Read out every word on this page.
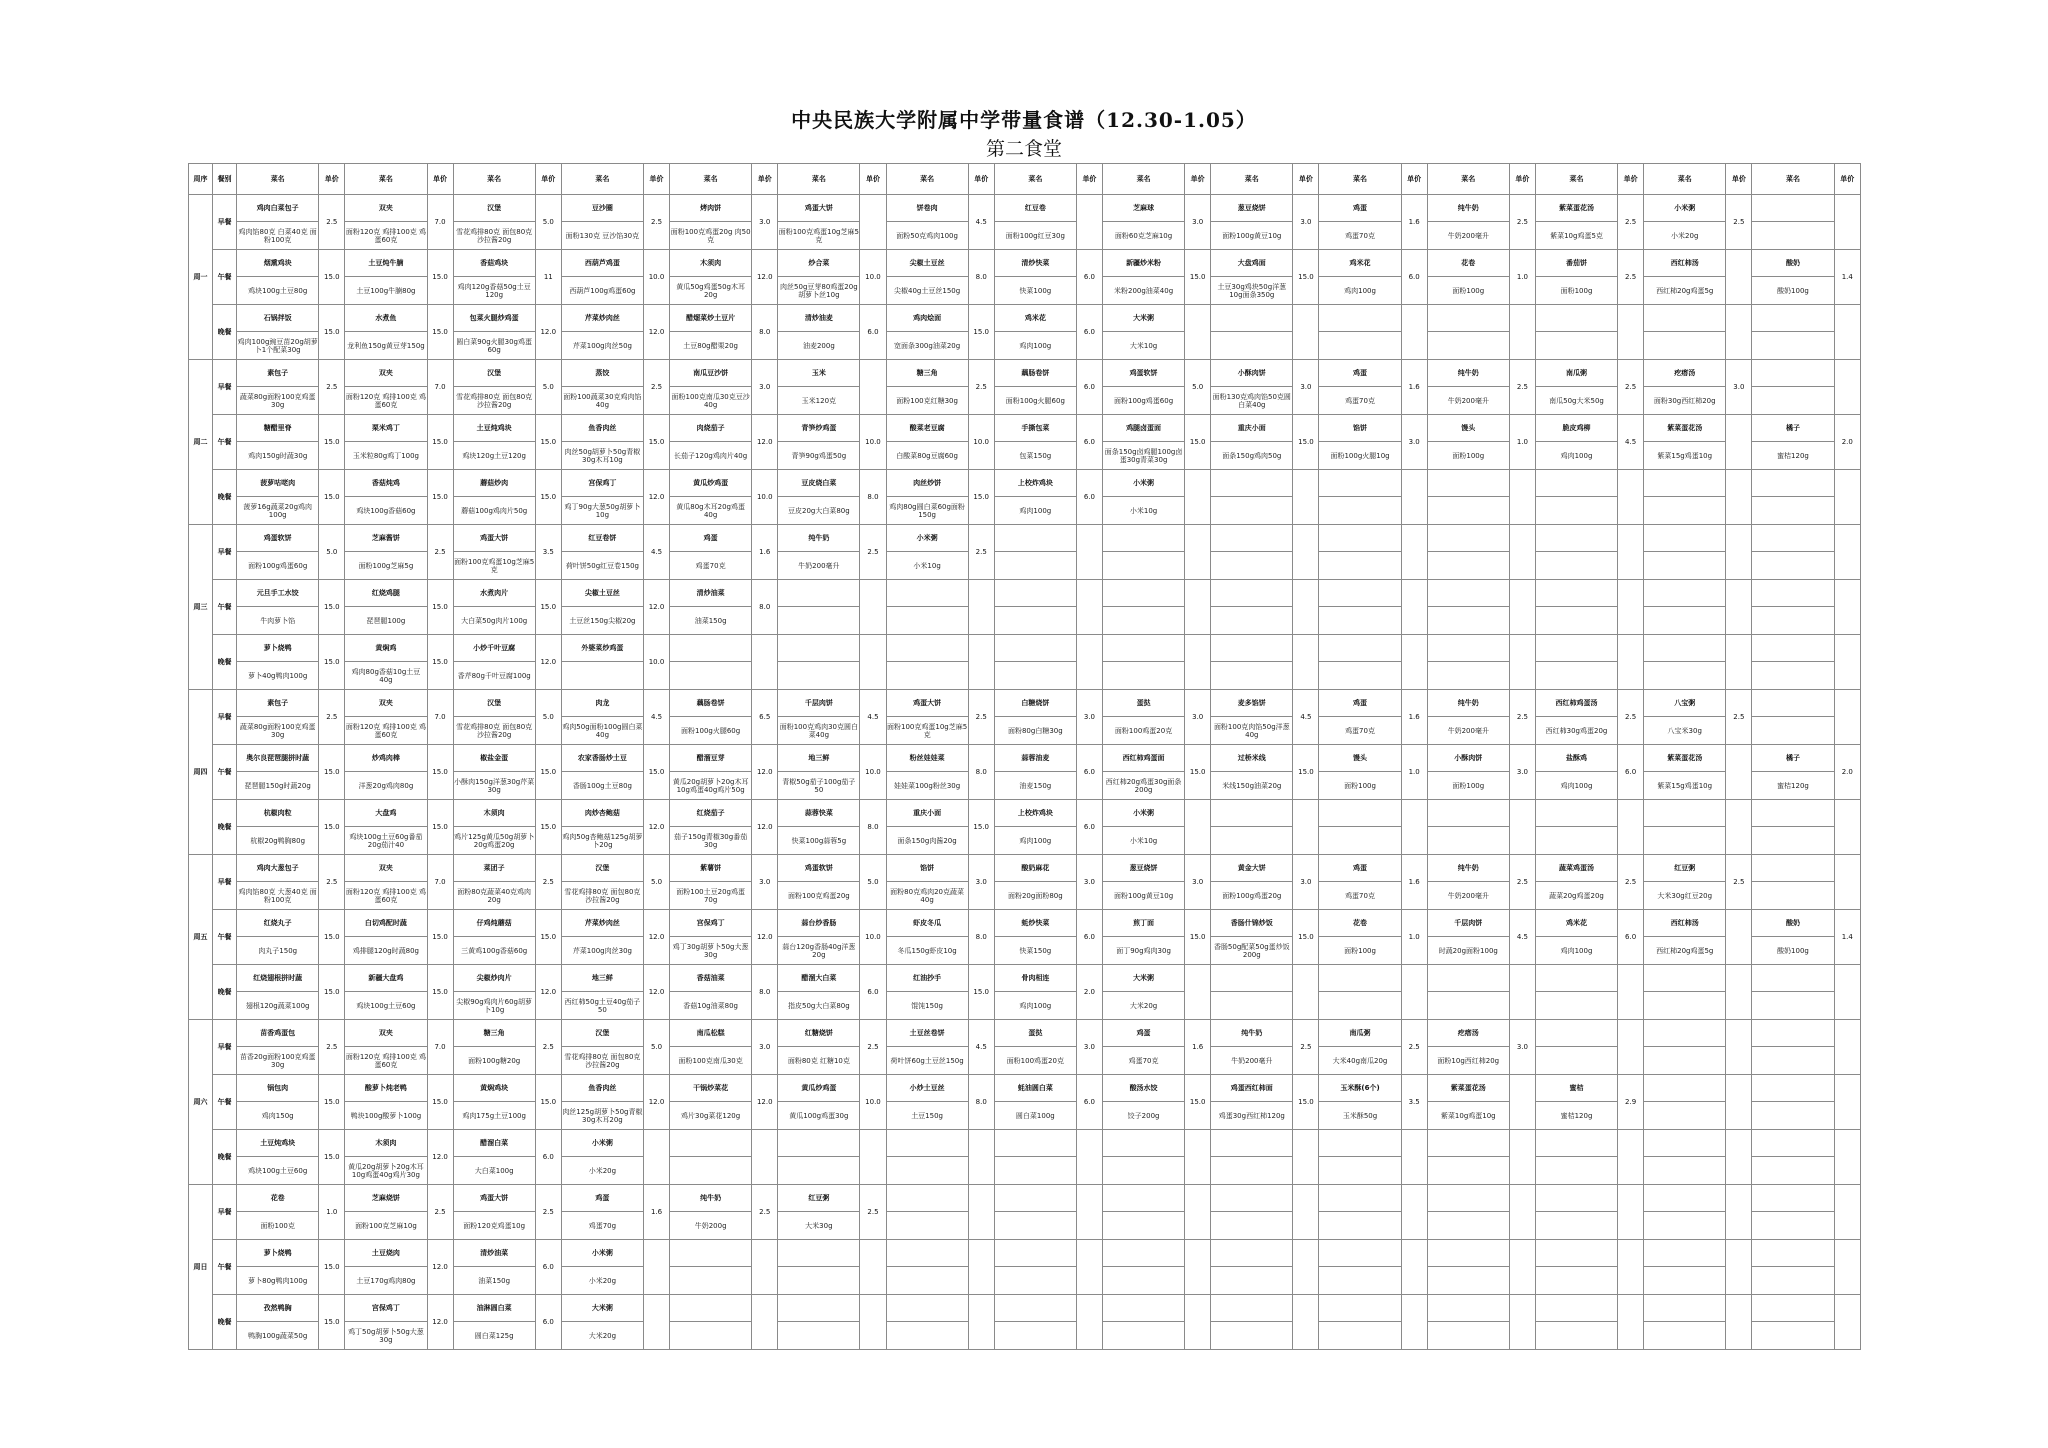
中央民族大学附属中学带量食谱（12.30-1.05）
第二食堂
周序	餐别	菜名	单价	菜名	单价	菜名	单价	菜名	单价	菜名	单价	菜名	单价	菜名	单价	菜名	单价	菜名	单价	菜名	单价	菜名	单价	菜名	单价	菜名	单价	菜名	单价	菜名	单价
周一	早餐	鸡肉白菜包子	2.5	双夹	7.0	汉堡	5.0	豆沙圈	2.5	烤肉饼	3.0	鸡蛋大饼		饼卷肉	4.5	红豆卷		芝麻球	3.0	葱豆烧饼	3.0	鸡蛋	1.6	纯牛奶	2.5	紫菜蛋花汤	2.5	小米粥	2.5		
		鸡肉馅80克 白菜40克 面粉100克		面粉120克 鸡排100克 鸡蛋60克		雪花鸡排80克 面包80克沙拉酱20g		面粉130克 豆沙馅30克		面粉100克鸡蛋20g 肉50克		面粉100克鸡蛋10g芝麻5克		面粉50克鸡肉100g		面粉100g红豆30g		面粉60克芝麻10g		面粉100g黄豆10g		鸡蛋70克		牛奶200毫升		紫菜10g鸡蛋5克		小米20g			
	午餐	烟熏鸡块	15.0	土豆炖牛腩	15.0	香菇鸡块	11	西葫芦鸡蛋	10.0	木须肉	12.0	炒合菜	10.0	尖椒土豆丝	8.0	清炒快菜	6.0	新疆炒米粉	15.0	大盘鸡面	15.0	鸡米花	6.0	花卷	1.0	番茄饼	2.5	西红柿汤		酸奶	1.4
		鸡块100g土豆80g		土豆100g牛腩80g		鸡肉120g香菇50g土豆120g		西葫芦100g鸡蛋60g		黄瓜50g鸡蛋50g木耳20g		肉丝50g豆芽80鸡蛋20g胡萝卜丝10g		尖椒40g土豆丝150g		快菜100g		米粉200g油菜40g		土豆30g鸡块50g洋葱10g面条350g		鸡肉100g		面粉100g		面粉100g		西红柿20g鸡蛋5g		酸奶100g	
	晚餐	石锅拌饭	15.0	水煮鱼	15.0	包菜火腿炒鸡蛋	12.0	芹菜炒肉丝	12.0	醋熘菜炒土豆片	8.0	清炒油麦	6.0	鸡肉烩面	15.0	鸡米花	6.0	大米粥													
		鸡肉100g豌豆苗20g胡萝卜1个配菜30g		龙利鱼150g黄豆芽150g		圆白菜90g火腿30g鸡蛋60g		芹菜100g肉丝50g		土豆80g醋栗20g		油麦200g		宽面条300g油菜20g		鸡肉100g		大米10g													
周二	早餐	素包子	2.5	双夹	7.0	汉堡	5.0	蒸饺	2.5	南瓜豆沙饼	3.0	玉米		糖三角	2.5	藕肠卷饼	6.0	鸡蛋软饼	5.0	小酥肉饼	3.0	鸡蛋	1.6	纯牛奶	2.5	南瓜粥	2.5	疙瘩汤	3.0		
		蔬菜80g面粉100克鸡蛋30g		面粉120克 鸡排100克 鸡蛋60克		雪花鸡排80克 面包80克沙拉酱20g		面粉100蔬菜30克鸡肉馅40g		面粉100克南瓜30克豆沙40g		玉米120克		面粉100克红糖30g		面粉100g火腿60g		面粉100g鸡蛋60g		面粉130克鸡肉馅50克圆白菜40g		鸡蛋70克		牛奶200毫升		南瓜50g大米50g		面粉30g西红柿20g			
	午餐	糖醋里脊	15.0	栗米鸡丁	15.0	土豆炖鸡块	15.0	鱼香肉丝	15.0	肉烧茄子	12.0	青笋炒鸡蛋	10.0	酸菜老豆腐	10.0	手撕包菜	6.0	鸡腿卤蛋面	15.0	重庆小面	15.0	馅饼	3.0	馒头	1.0	脆皮鸡柳	4.5	紫菜蛋花汤		橘子	2.0
		鸡肉150g时蔬30g		玉米粒80g鸡丁100g		鸡块120g土豆120g		肉丝50g胡萝卜50g青椒30g木耳10g		长茄子120g鸡肉片40g		青笋90g鸡蛋50g		白酸菜80g豆腐60g		包菜150g		面条150g卤鸡腿100g卤蛋30g青菜30g		面条150g鸡肉50g		面粉100g火腿10g		面粉100g		鸡肉100g		紫菜15g鸡蛋10g		蜜桔120g	
	晚餐	菠萝咕咾肉	15.0	香菇炖鸡	15.0	蘑菇炒肉	15.0	宫保鸡丁	12.0	黄瓜炒鸡蛋	10.0	豆皮烧白菜	8.0	肉丝炒饼	15.0	上校炸鸡块	6.0	小米粥													
		菠萝16g蔬菜20g鸡肉100g		鸡块100g香菇60g		蘑菇100g鸡肉片50g		鸡丁90g大葱50g胡萝卜10g		黄瓜80g木耳20g鸡蛋40g		豆皮20g大白菜80g		鸡肉80g圆白菜60g面粉150g		鸡肉100g		小米10g													
周三	早餐	鸡蛋软饼	5.0	芝麻酱饼	2.5	鸡蛋大饼	3.5	红豆卷饼	4.5	鸡蛋	1.6	纯牛奶	2.5	小米粥	2.5																
		面粉100g鸡蛋60g		面粉100g芝麻5g		面粉100克鸡蛋10g芝麻5克		荷叶饼50g红豆卷150g		鸡蛋70克		牛奶200毫升		小米10g																	
	午餐	元旦手工水饺	15.0	红烧鸡腿	15.0	水煮肉片	15.0	尖椒土豆丝	12.0	清炒油菜	8.0																				
		牛肉萝卜馅		琵琶腿100g		大白菜50g肉片100g		土豆丝150g尖椒20g		油菜150g																					
	晚餐	萝卜烧鸭	15.0	黄焖鸡	15.0	小炒千叶豆腐	12.0	外婆菜炒鸡蛋	10.0																						
		萝卜40g鸭肉100g		鸡肉80g香菇10g土豆40g		香芹80g千叶豆腐100g																									
周四	早餐	素包子	2.5	双夹	7.0	汉堡	5.0	肉龙	4.5	藕肠卷饼	6.5	千层肉饼	4.5	鸡蛋大饼	2.5	白糖烧饼	3.0	蛋挞	3.0	麦多馅饼	4.5	鸡蛋	1.6	纯牛奶	2.5	西红柿鸡蛋汤	2.5	八宝粥	2.5		
		蔬菜80g面粉100克鸡蛋30g		面粉120克 鸡排100克 鸡蛋60克		雪花鸡排80克 面包80克沙拉酱20g		鸡肉50g面粉100g圆白菜40g		面粉100g火腿60g		面粉100克鸡肉30克圆白菜40g		面粉100克鸡蛋10g芝麻5克		面粉80g白糖30g		面粉100鸡蛋20克		面粉100克肉馅50g洋葱40g		鸡蛋70克		牛奶200毫升		西红柿30g鸡蛋20g		八宝米30g			
	午餐	奥尔良琵琶腿拼时蔬	15.0	炒鸡肉棒	15.0	椒盐金蛋	15.0	农家香肠炒土豆	15.0	醋溜豆芽	12.0	地三鲜	10.0	粉丝娃娃菜	8.0	蒜蓉油麦	6.0	西红柿鸡蛋面	15.0	过桥米线	15.0	馒头	1.0	小酥肉饼	3.0	盐酥鸡	6.0	紫菜蛋花汤		橘子	2.0
		琵琶腿150g时蔬20g		洋葱20g鸡肉80g		小酥肉150g洋葱30g芹菜30g		香肠100g土豆80g		黄瓜20g胡萝卜20g木耳10g鸡蛋40g鸡片50g		青椒50g茄子100g茄子50		娃娃菜100g粉丝30g		油麦150g		西红柿20g鸡蛋30g面条200g		米线150g油菜20g		面粉100g		面粉100g		鸡肉100g		紫菜15g鸡蛋10g		蜜桔120g	
	晚餐	杭椒肉粒	15.0	大盘鸡	15.0	木须肉	15.0	肉炒杏鲍菇	12.0	红烧茄子	12.0	蒜蓉快菜	8.0	重庆小面	15.0	上校炸鸡块	6.0	小米粥													
		杭椒20g鸭胸80g		鸡块100g土豆60g番茄20g茄汁40		鸡片125g黄瓜50g胡萝卜20g鸡蛋20g		鸡肉50g杏鲍菇125g胡萝卜20g		茄子150g青椒30g番茄30g		快菜100g蒜蓉5g		面条150g肉酱20g		鸡肉100g		小米10g													
周五	早餐	鸡肉大葱包子	2.5	双夹	7.0	菜团子	2.5	汉堡	5.0	紫薯饼	3.0	鸡蛋软饼	5.0	馅饼	3.0	酸奶麻花	3.0	葱豆烧饼	3.0	黄金大饼	3.0	鸡蛋	1.6	纯牛奶	2.5	蔬菜鸡蛋汤	2.5	红豆粥	2.5		
		鸡肉馅80克 大葱40克 面粉100克		面粉120克 鸡排100克 鸡蛋60克		面粉80克蔬菜40克鸡肉20g		雪花鸡排80克 面包80克沙拉酱20g		面粉100土豆20g鸡蛋70g		面粉100克鸡蛋20g		面粉80克鸡肉20克蔬菜40g		面粉20g面粉80g		面粉100g黄豆10g		面粉100g鸡蛋20g		鸡蛋70克		牛奶200毫升		蔬菜20g鸡蛋20g		大米30g红豆20g			
	午餐	红烧丸子	15.0	白切鸡配时蔬	15.0	仔鸡炖蘑菇	15.0	芹菜炒肉丝	12.0	宫保鸡丁	12.0	蒜台炒香肠	10.0	虾皮冬瓜	8.0	蚝炒快菜	6.0	煎丁面	15.0	香肠什锦炒饭	15.0	花卷	1.0	千层肉饼	4.5	鸡米花	6.0	西红柿汤		酸奶	1.4
		肉丸子150g		鸡排腿120g时蔬80g		三黄鸡100g香菇60g		芹菜100g肉丝30g		鸡丁30g胡萝卜50g大葱30g		蒜台120g香肠40g洋葱20g		冬瓜150g虾皮10g		快菜150g		面丁90g鸡肉30g		香肠50g配菜50g蛋炒饭200g		面粉100g		时蔬20g面粉100g		鸡肉100g		西红柿20g鸡蛋5g		酸奶100g	
	晚餐	红烧翅根拼时蔬	15.0	新疆大盘鸡	15.0	尖椒炒肉片	12.0	地三鲜	12.0	香菇油菜	8.0	醋溜大白菜	6.0	红油抄手	15.0	骨肉相连	2.0	大米粥													
		翅根120g蔬菜100g		鸡块100g土豆60g		尖椒90g鸡肉片60g胡萝卜10g		西红柿50g土豆40g茄子50		香菇10g油菜80g		指皮50g大白菜80g		馄饨150g		鸡肉100g		大米20g													
周六	早餐	苗香鸡蛋包	2.5	双夹	7.0	糖三角	2.5	汉堡	5.0	南瓜松糕	3.0	红糖烧饼	2.5	土豆丝卷饼	4.5	蛋挞	3.0	鸡蛋	1.6	纯牛奶	2.5	南瓜粥	2.5	疙瘩汤	3.0						
		苗香20g面粉100克鸡蛋30g		面粉120克 鸡排100克 鸡蛋60克		面粉100g糖20g		雪花鸡排80克 面包80克沙拉酱20g		面粉100克南瓜30克		面粉80克 红糖10克		荷叶饼60g土豆丝150g		面粉100鸡蛋20克		鸡蛋70克		牛奶200毫升		大米40g南瓜20g		面粉10g西红柿20g							
	午餐	锅包肉	15.0	酸萝卜炖老鸭	15.0	黄焖鸡块	15.0	鱼香肉丝	12.0	干锅炒菜花	12.0	黄瓜炒鸡蛋	10.0	小炒土豆丝	8.0	蚝油圆白菜	6.0	酸汤水饺	15.0	鸡蛋西红柿面	15.0	玉米酥(6个)	3.5	紫菜蛋花汤		蜜桔	2.9				
		鸡肉150g		鸭块100g酸萝卜100g		鸡肉175g土豆100g		肉丝125g胡萝卜50g青椒30g木耳20g		鸡片30g菜花120g		黄瓜100g鸡蛋30g		土豆150g		圆白菜100g		饺子200g		鸡蛋30g西红柿120g		玉米酥50g		紫菜10g鸡蛋10g		蜜桔120g					
	晚餐	土豆炖鸡块	15.0	木须肉	12.0	醋溜白菜	6.0	小米粥																							
		鸡块100g土豆60g		黄瓜20g胡萝卜20g木耳10g鸡蛋40g鸡片30g		大白菜100g		小米20g																							
周日	早餐	花卷	1.0	芝麻烧饼	2.5	鸡蛋大饼	2.5	鸡蛋	1.6	纯牛奶	2.5	红豆粥	2.5																		
		面粉100克		面粉100克芝麻10g		面粉120克鸡蛋10g		鸡蛋70g		牛奶200g		大米30g																			
	午餐	萝卜烧鸭	15.0	土豆烧肉	12.0	清炒油菜	6.0	小米粥																							
		萝卜80g鸭肉100g		土豆170g鸡肉80g		油菜150g		小米20g																							
	晚餐	孜然鸭胸	15.0	宫保鸡丁	12.0	油淋圆白菜	6.0	大米粥																							
		鸭胸100g蔬菜50g		鸡丁50g胡萝卜50g大葱30g		圆白菜125g		大米20g																							
